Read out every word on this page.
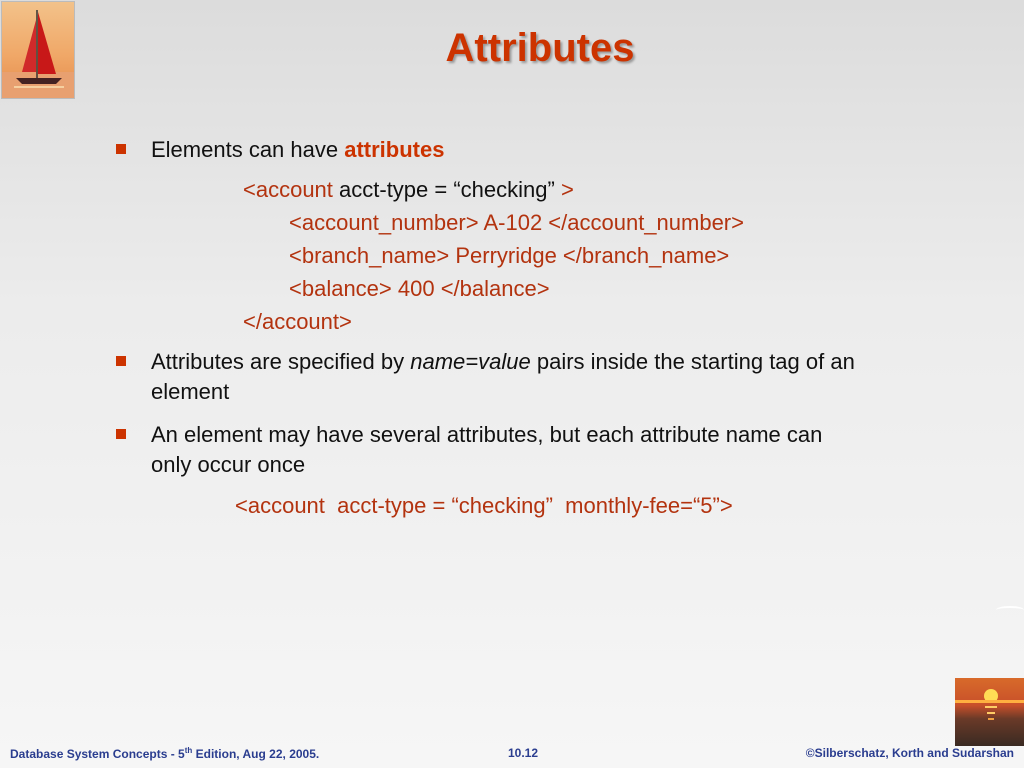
Attributes
Elements can have attributes
<account acct-type = “checking” >
<account_number> A-102 </account_number>
<branch_name> Perryridge </branch_name>
<balance> 400 </balance>
</account>
Attributes are specified by name=value pairs inside the starting tag of an
element
An element may have several attributes, but each attribute name can
only occur once
<account  acct-type = “checking”  monthly-fee=“5”>
Database System Concepts - 5th Edition, Aug 22, 2005.	10.12	©Silberschatz, Korth and Sudarshan
